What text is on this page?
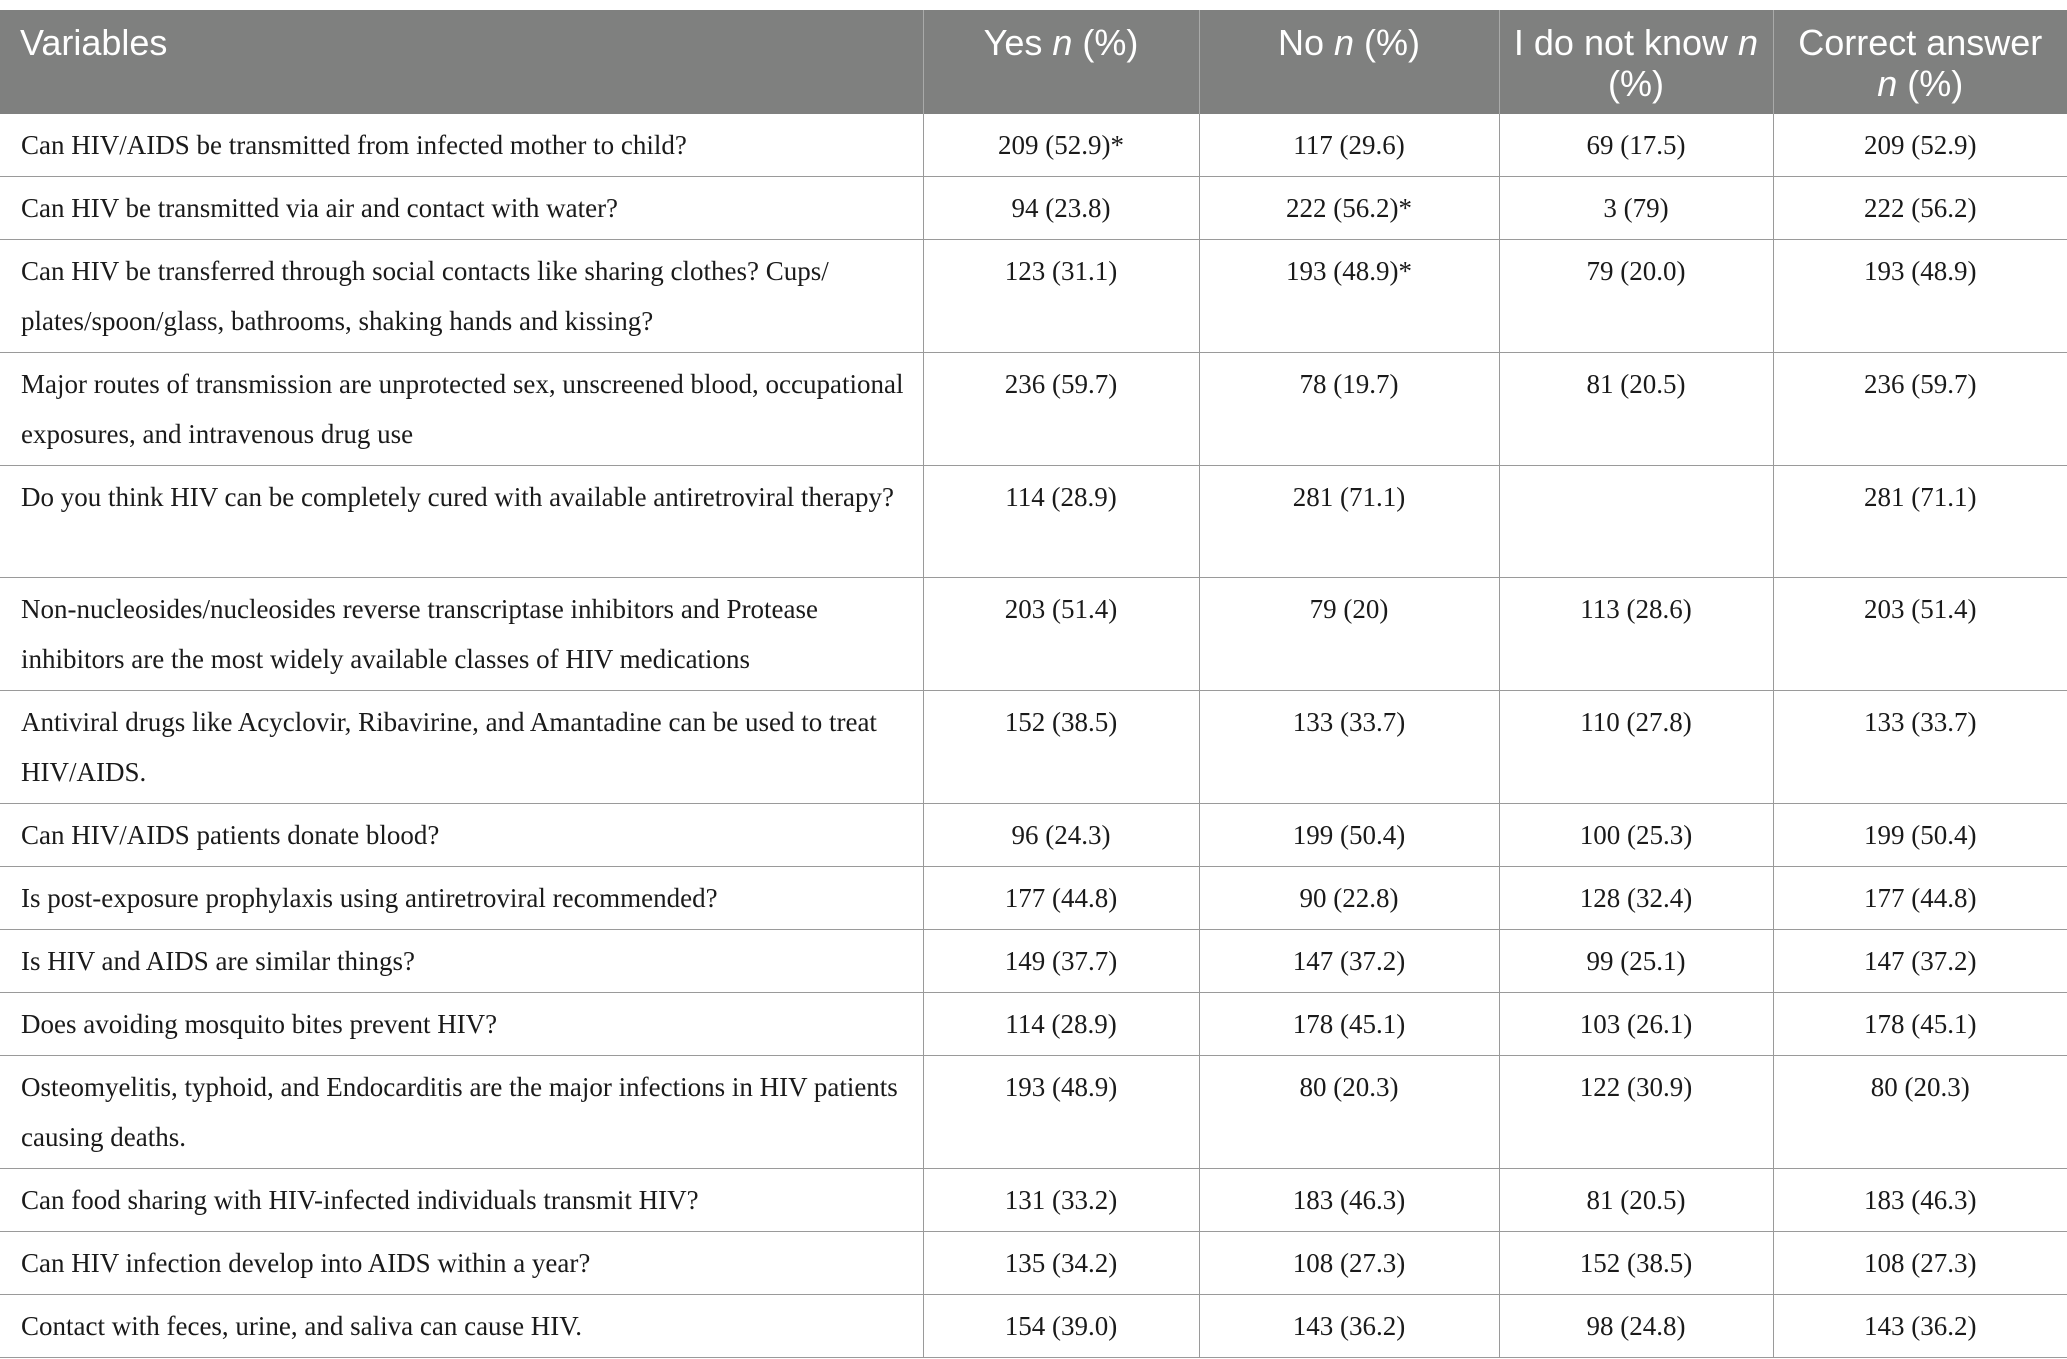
Variables	Yes n (%)	No n (%)	I do not know n (%)	Correct answer n (%)
Can HIV/AIDS be transmitted from infected mother to child?	209 (52.9)*	117 (29.6)	69 (17.5)	209 (52.9)
Can HIV be transmitted via air and contact with water?	94 (23.8)	222 (56.2)*	3 (79)	222 (56.2)
Can HIV be transferred through social contacts like sharing clothes? Cups/ plates/spoon/glass, bathrooms, shaking hands and kissing?	123 (31.1)	193 (48.9)*	79 (20.0)	193 (48.9)
Major routes of transmission are unprotected sex, unscreened blood, occupational exposures, and intravenous drug use	236 (59.7)	78 (19.7)	81 (20.5)	236 (59.7)
Do you think HIV can be completely cured with available antiretroviral therapy?	114 (28.9)	281 (71.1)		281 (71.1)
Non-nucleosides/nucleosides reverse transcriptase inhibitors and Protease inhibitors are the most widely available classes of HIV medications	203 (51.4)	79 (20)	113 (28.6)	203 (51.4)
Antiviral drugs like Acyclovir, Ribavirine, and Amantadine can be used to treat HIV/AIDS.	152 (38.5)	133 (33.7)	110 (27.8)	133 (33.7)
Can HIV/AIDS patients donate blood?	96 (24.3)	199 (50.4)	100 (25.3)	199 (50.4)
Is post-exposure prophylaxis using antiretroviral recommended?	177 (44.8)	90 (22.8)	128 (32.4)	177 (44.8)
Is HIV and AIDS are similar things?	149 (37.7)	147 (37.2)	99 (25.1)	147 (37.2)
Does avoiding mosquito bites prevent HIV?	114 (28.9)	178 (45.1)	103 (26.1)	178 (45.1)
Osteomyelitis, typhoid, and Endocarditis are the major infections in HIV patients causing deaths.	193 (48.9)	80 (20.3)	122 (30.9)	80 (20.3)
Can food sharing with HIV-infected individuals transmit HIV?	131 (33.2)	183 (46.3)	81 (20.5)	183 (46.3)
Can HIV infection develop into AIDS within a year?	135 (34.2)	108 (27.3)	152 (38.5)	108 (27.3)
Contact with feces, urine, and saliva can cause HIV.	154 (39.0)	143 (36.2)	98 (24.8)	143 (36.2)
